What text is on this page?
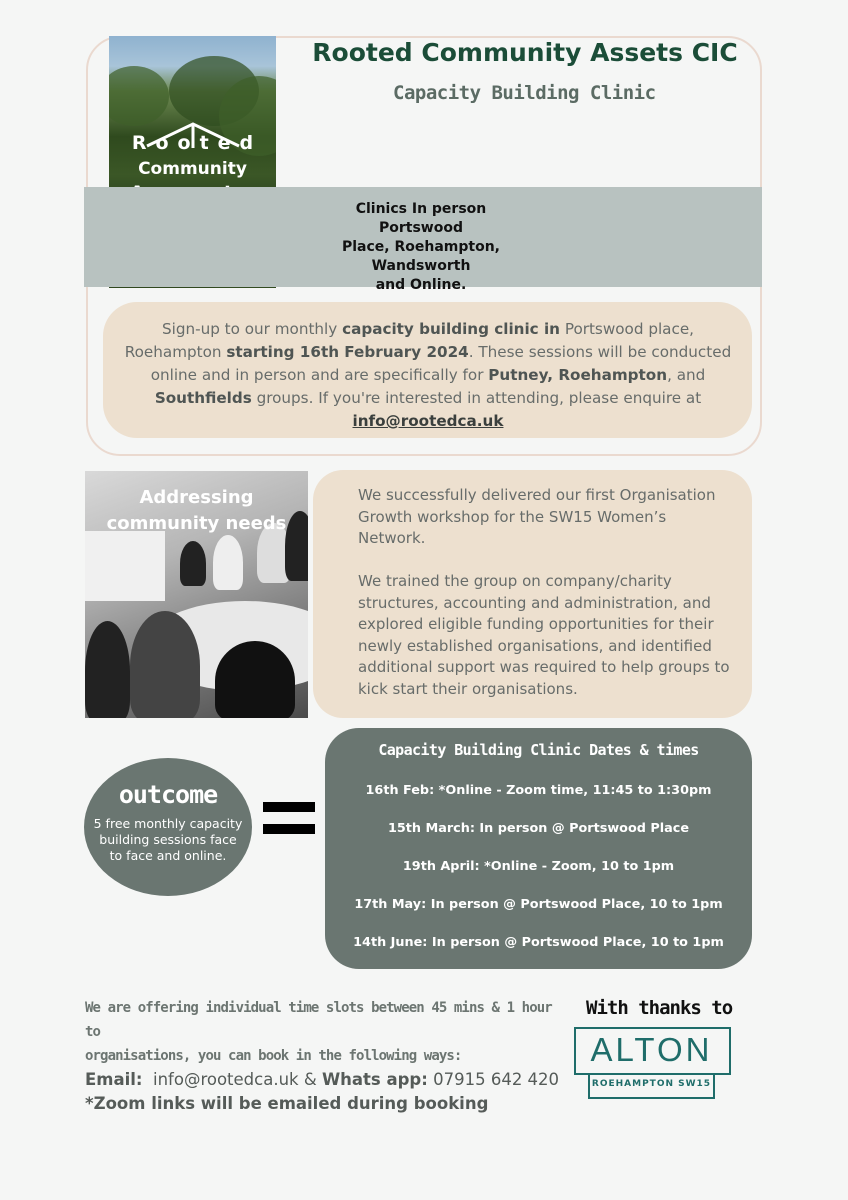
Rooted
Community
Rooted Community Assets CIC
Capacity Building Clinic
Clinics In person Portswood
Place, Roehampton,
Wandsworth
and Online.
Sign-up to our monthly capacity building clinic in Portswood place, Roehampton starting 16th February 2024. These sessions will be conducted online and in person and are specifically for Putney, Roehampton, and Southfields groups. If you're interested in attending, please enquire at
info@rootedca.uk
Addressing community needs

We successfully delivered our first Organisation Growth workshop for the SW15 Women’s Network.

We trained the group on company/charity structures, accounting and administration, and explored eligible funding opportunities for their newly established organisations, and identified additional support was required to help groups to kick start their organisations.

outcome
5 free monthly capacity building sessions face to face and online.
Capacity Building Clinic Dates & times
16th Feb: *Online - Zoom time, 11:45 to 1:30pm
15th March: In person @ Portswood Place
19th April: *Online - Zoom, 10 to 1pm
17th May: In person @ Portswood Place, 10 to 1pm
14th June: In person @ Portswood Place, 10 to 1pm
We are offering individual time slots between 45 mins & 1 hour to
organisations, you can book in the following ways:
Email:  info@rootedca.uk & Whats app: 07915 642 420
*Zoom links will be emailed during booking
With thanks to
ALTON
ROEHAMPTON SW15
